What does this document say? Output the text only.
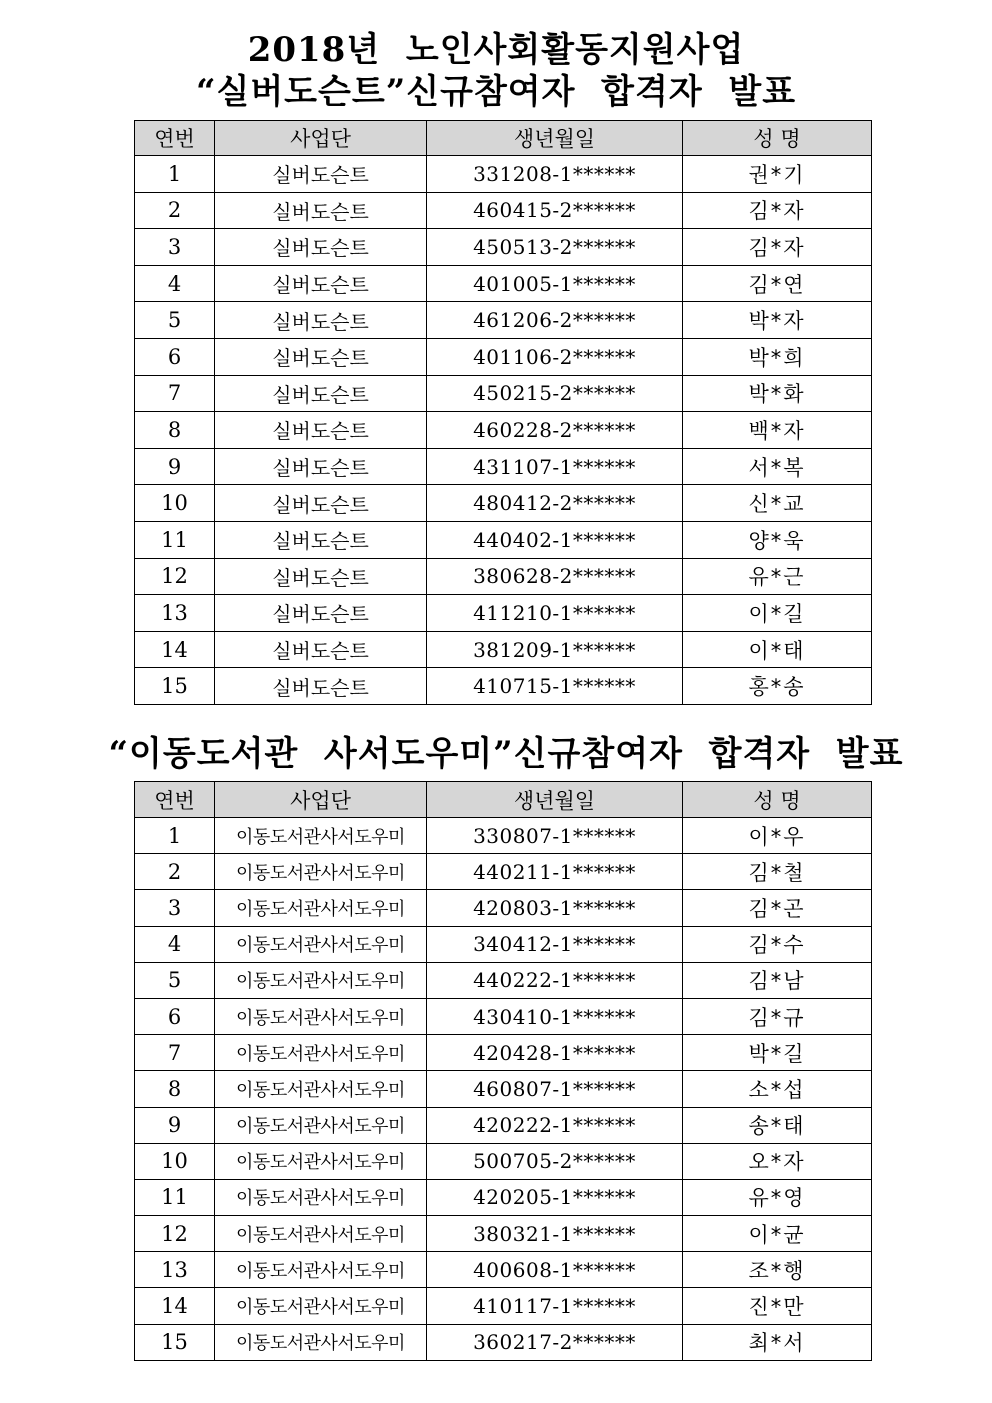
2018년  노인사회활동지원사업
“실버도슨트”신규참여자  합격자  발표
연번	사업단	생년월일	성 명
1	실버도슨트	331208-1******	권*기
2	실버도슨트	460415-2******	김*자
3	실버도슨트	450513-2******	김*자
4	실버도슨트	401005-1******	김*연
5	실버도슨트	461206-2******	박*자
6	실버도슨트	401106-2******	박*희
7	실버도슨트	450215-2******	박*화
8	실버도슨트	460228-2******	백*자
9	실버도슨트	431107-1******	서*복
10	실버도슨트	480412-2******	신*교
11	실버도슨트	440402-1******	양*욱
12	실버도슨트	380628-2******	유*근
13	실버도슨트	411210-1******	이*길
14	실버도슨트	381209-1******	이*태
15	실버도슨트	410715-1******	홍*송
“이동도서관  사서도우미”신규참여자  합격자  발표
연번	사업단	생년월일	성 명
1	이동도서관사서도우미	330807-1******	이*우
2	이동도서관사서도우미	440211-1******	김*철
3	이동도서관사서도우미	420803-1******	김*곤
4	이동도서관사서도우미	340412-1******	김*수
5	이동도서관사서도우미	440222-1******	김*남
6	이동도서관사서도우미	430410-1******	김*규
7	이동도서관사서도우미	420428-1******	박*길
8	이동도서관사서도우미	460807-1******	소*섭
9	이동도서관사서도우미	420222-1******	송*태
10	이동도서관사서도우미	500705-2******	오*자
11	이동도서관사서도우미	420205-1******	유*영
12	이동도서관사서도우미	380321-1******	이*균
13	이동도서관사서도우미	400608-1******	조*행
14	이동도서관사서도우미	410117-1******	진*만
15	이동도서관사서도우미	360217-2******	최*서
